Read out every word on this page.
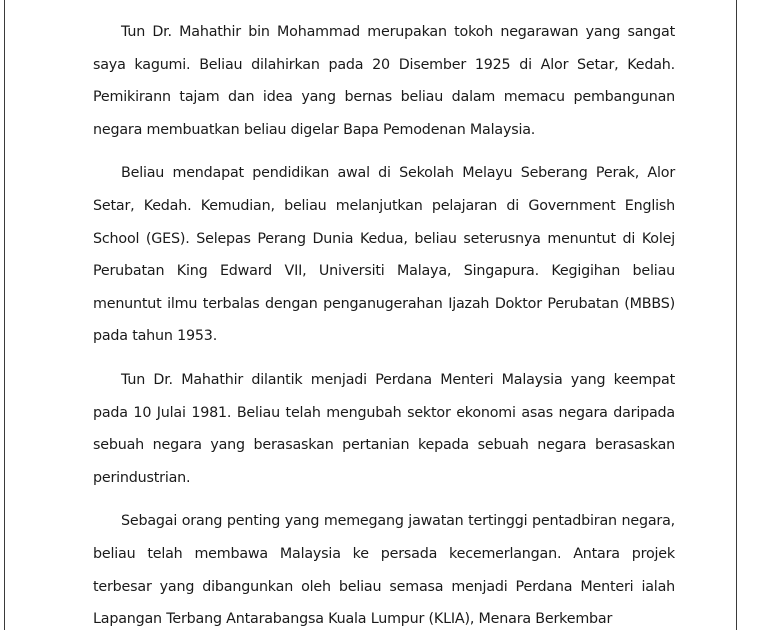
Tun Dr. Mahathir bin Mohammad merupakan tokoh negarawan yang sangat saya kagumi. Beliau dilahirkan pada 20 Disember 1925 di Alor Setar, Kedah. Pemikirann tajam dan idea yang bernas beliau dalam memacu pembangunan negara membuatkan beliau digelar Bapa Pemodenan Malaysia.

Beliau mendapat pendidikan awal di Sekolah Melayu Seberang Perak, Alor Setar, Kedah. Kemudian, beliau melanjutkan pelajaran di Government English School (GES). Selepas Perang Dunia Kedua, beliau seterusnya menuntut di Kolej Perubatan King Edward VII, Universiti Malaya, Singapura. Kegigihan beliau menuntut ilmu terbalas dengan penganugerahan Ijazah Doktor Perubatan (MBBS) pada tahun 1953.

Tun Dr. Mahathir dilantik menjadi Perdana Menteri Malaysia yang keempat pada 10 Julai 1981. Beliau telah mengubah sektor ekonomi asas negara daripada sebuah negara yang berasaskan pertanian kepada sebuah negara berasaskan perindustrian.

Sebagai orang penting yang memegang jawatan tertinggi pentadbiran negara, beliau telah membawa Malaysia ke persada kecemerlangan. Antara projek terbesar yang dibangunkan oleh beliau semasa menjadi Perdana Menteri ialah Lapangan Terbang Antarabangsa Kuala Lumpur (KLIA), Menara Berkembar
